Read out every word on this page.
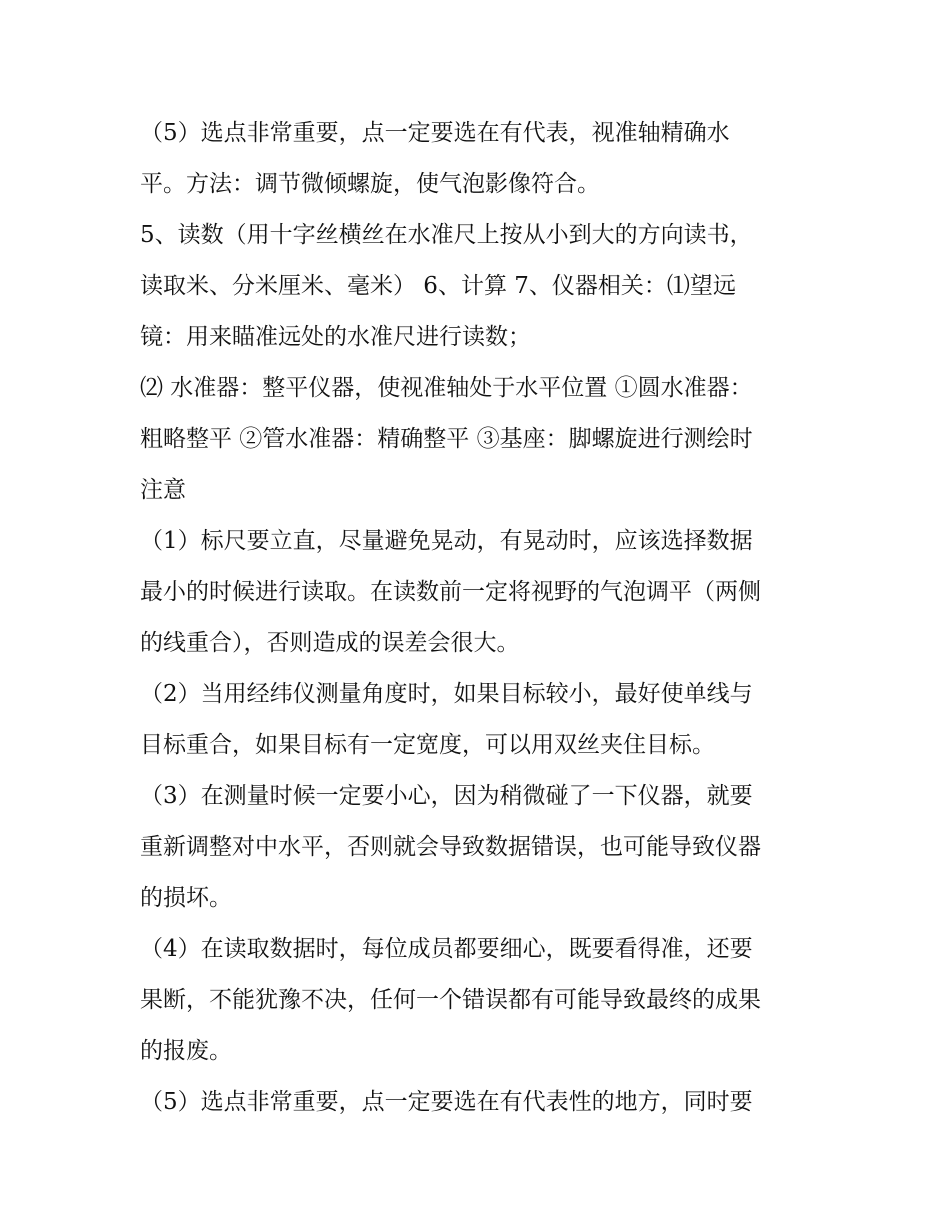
（5）选点非常重要，点一定要选在有代表，视准轴精确水
平。方法：调节微倾螺旋，使气泡影像符合。
5、读数（用十字丝横丝在水准尺上按从小到大的方向读书，
读取米、分米厘米、毫米） 6、计算 7、仪器相关：⑴望远
镜：用来瞄准远处的水准尺进行读数；
⑵ 水准器：整平仪器，使视准轴处于水平位置 ①圆水准器：
粗略整平 ②管水准器：精确整平 ③基座：脚螺旋进行测绘时
注意
（1）标尺要立直，尽量避免晃动，有晃动时，应该选择数据
最小的时候进行读取。在读数前一定将视野的气泡调平（两侧
的线重合），否则造成的误差会很大。
（2）当用经纬仪测量角度时，如果目标较小，最好使单线与
目标重合，如果目标有一定宽度，可以用双丝夹住目标。
（3）在测量时候一定要小心，因为稍微碰了一下仪器，就要
重新调整对中水平，否则就会导致数据错误，也可能导致仪器
的损坏。
（4）在读取数据时，每位成员都要细心，既要看得准，还要
果断，不能犹豫不决，任何一个错误都有可能导致最终的成果
的报废。
（5）选点非常重要，点一定要选在有代表性的地方，同时要
